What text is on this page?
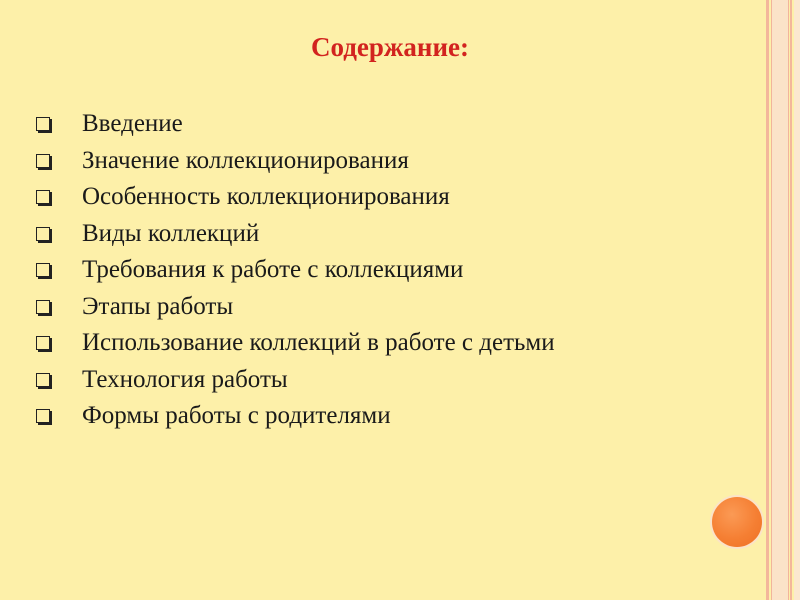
Содержание:
Введение
Значение коллекционирования
Особенность коллекционирования
Виды коллекций
Требования к работе с коллекциями
Этапы работы
Использование коллекций в работе с детьми
Технология работы
Формы работы с родителями
